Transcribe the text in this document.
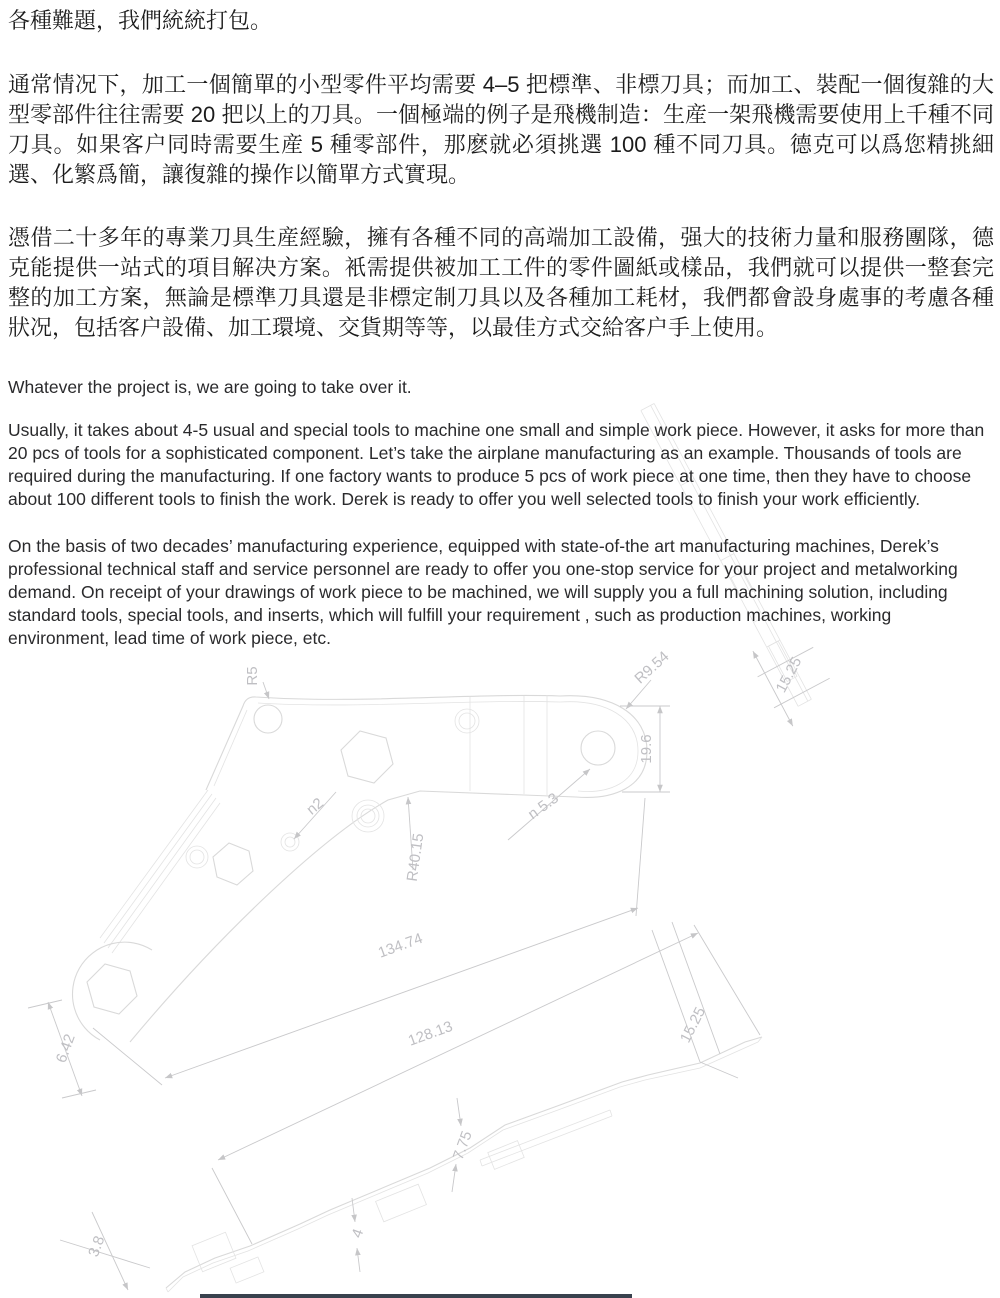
R5	R9.54
19.6
n2	n 5.3
R40.15
15.25
134.74
6.42	128.13	15.25
7.75
4
3.8

各種難題，我們統統打包。

通常情况下，加工一個簡單的小型零件平均需要 4–5 把標準、非標刀具；而加工、裝配一個復雜的大型零部件往往需要 20 把以上的刀具。一個極端的例子是飛機制造：生産一架飛機需要使用上千種不同刀具。如果客户同時需要生産 5 種零部件，那麽就必須挑選 100 種不同刀具。德克可以爲您精挑細選、化繁爲簡，讓復雜的操作以簡單方式實現。

憑借二十多年的專業刀具生産經驗，擁有各種不同的高端加工設備，强大的技術力量和服務團隊，德克能提供一站式的項目解决方案。衹需提供被加工工件的零件圖紙或樣品，我們就可以提供一整套完整的加工方案，無論是標準刀具還是非標定制刀具以及各種加工耗材，我們都會設身處事的考慮各種狀况，包括客户設備、加工環境、交貨期等等，以最佳方式交給客户手上使用。

Whatever the project is, we are going to take over it.

Usually, it takes about 4-5 usual and special tools to machine one small and simple work piece. However, it asks for more than 20 pcs of tools for a sophisticated component. Let’s take the airplane manufacturing as an example. Thousands of tools are required during the manufacturing. If one factory wants to produce 5 pcs of work piece at one time, then they have to choose about 100 different tools to finish the work. Derek is ready to offer you well selected tools to finish your work efficiently.

On the basis of two decades’ manufacturing experience, equipped with state-of-the art manufacturing machines, Derek’s professional technical staff and service personnel are ready to offer you one-stop service for your project and metalworking demand. On receipt of your drawings of work piece to be machined, we will supply you a full machining solution, including standard tools, special tools, and inserts, which will fulfill your requirement , such as production machines, working environment, lead time of work piece, etc.
